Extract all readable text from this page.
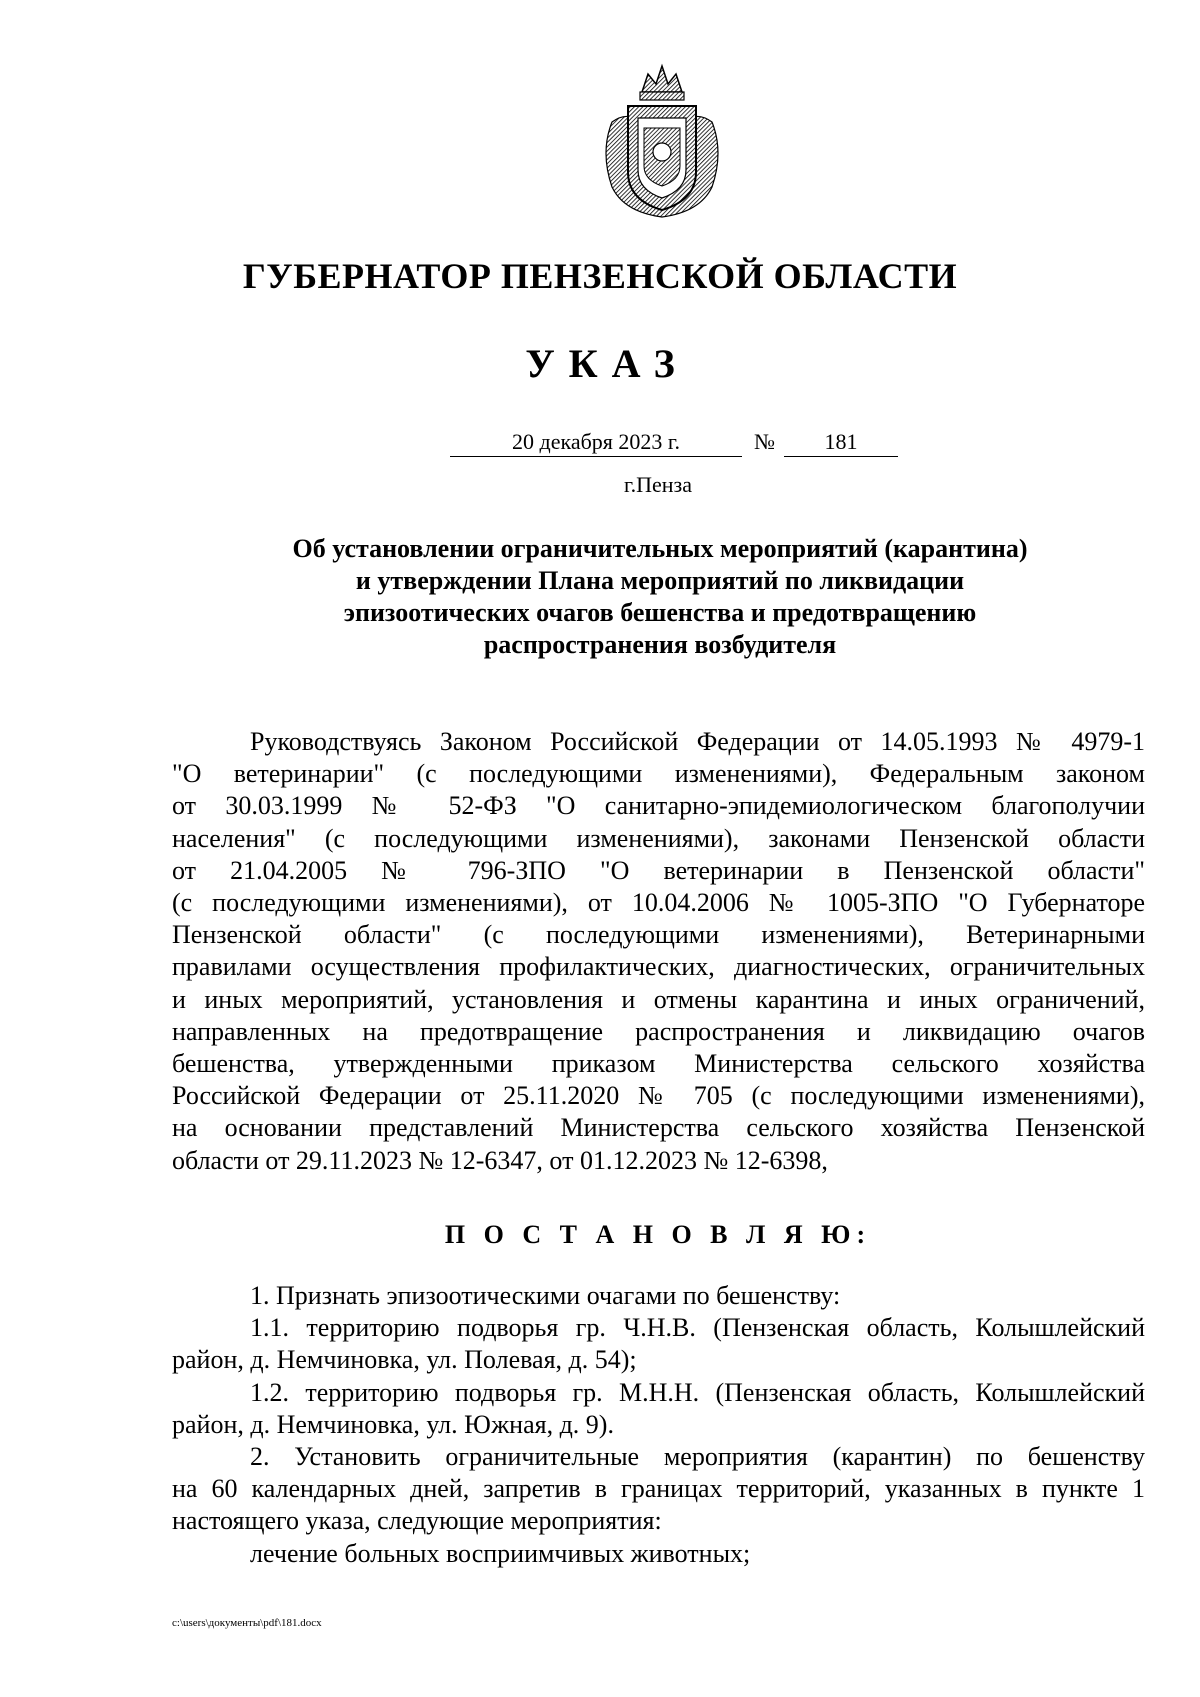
ГУБЕРНАТОР ПЕНЗЕНСКОЙ ОБЛАСТИ
УКАЗ
20 декабря 2023 г.	№	181
г.Пенза
Об установлении ограничительных мероприятий (карантина)
и утверждении Плана мероприятий по ликвидации
эпизоотических очагов бешенства и предотвращению
распространения возбудителя
Руководствуясь Законом Российской Федерации от 14.05.1993 № 4979-1
"О ветеринарии" (с последующими изменениями), Федеральным законом
от 30.03.1999 № 52-ФЗ "О санитарно-эпидемиологическом благополучии
населения" (с последующими изменениями), законами Пензенской области
от 21.04.2005 № 796-ЗПО "О ветеринарии в Пензенской области"
(с последующими изменениями), от 10.04.2006 № 1005-ЗПО "О Губернаторе
Пензенской области" (с последующими изменениями), Ветеринарными
правилами осуществления профилактических, диагностических, ограничительных
и иных мероприятий, установления и отмены карантина и иных ограничений,
направленных на предотвращение распространения и ликвидацию очагов
бешенства, утвержденными приказом Министерства сельского хозяйства
Российской Федерации от 25.11.2020 № 705 (с последующими изменениями),
на основании представлений Министерства сельского хозяйства Пензенской
области от 29.11.2023 № 12-6347, от 01.12.2023 № 12-6398,
П О С Т А Н О В Л Я Ю:
1. Признать эпизоотическими очагами по бешенству:
1.1. территорию подворья гр. Ч.Н.В. (Пензенская область, Колышлейский
район, д. Немчиновка, ул. Полевая, д. 54);
1.2. территорию подворья гр. М.Н.Н. (Пензенская область, Колышлейский
район, д. Немчиновка, ул. Южная, д. 9).
2. Установить ограничительные мероприятия (карантин) по бешенству
на 60 календарных дней, запретив в границах территорий, указанных в пункте 1
настоящего указа, следующие мероприятия:
лечение больных восприимчивых животных;
c:\users\документы\pdf\181.docx
